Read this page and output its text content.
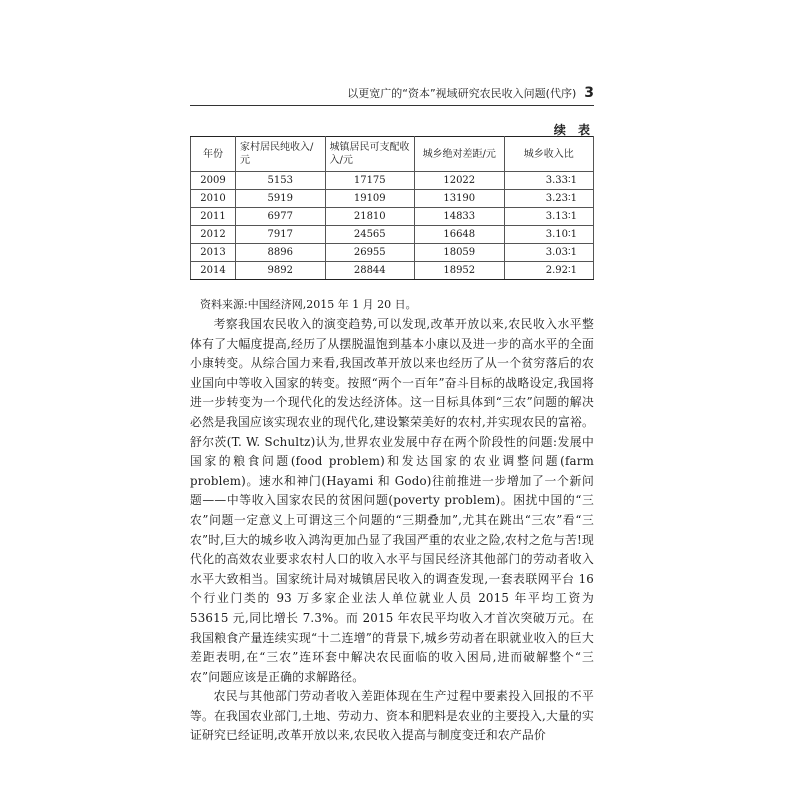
以更宽广的“资本”视域研究农民收入问题(代序) 3
续 表
年份	家村居民纯收入/元	城镇居民可支配收入/元	城乡绝对差距/元	城乡收入比
2009	5153	17175	12022	3.33∶1
2010	5919	19109	13190	3.23∶1
2011	6977	21810	14833	3.13∶1
2012	7917	24565	16648	3.10∶1
2013	8896	26955	18059	3.03∶1
2014	9892	28844	18952	2.92∶1
资料来源:中国经济网,2015 年 1 月 20 日。

考察我国农民收入的演变趋势,可以发现,改革开放以来,农民收入水平整体有了大幅度提高,经历了从摆脱温饱到基本小康以及进一步的高水平的全面小康转变。从综合国力来看,我国改革开放以来也经历了从一个贫穷落后的农业国向中等收入国家的转变。按照“两个一百年”奋斗目标的战略设定,我国将进一步转变为一个现代化的发达经济体。这一目标具体到“三农”问题的解决必然是我国应该实现农业的现代化,建设繁荣美好的农村,并实现农民的富裕。舒尔茨(T. W. Schultz)认为,世界农业发展中存在两个阶段性的问题:发展中国家的粮食问题(food problem)和发达国家的农业调整问题(farm problem)。速水和神门(Hayami 和 Godo)往前推进一步增加了一个新问题——中等收入国家农民的贫困问题(poverty problem)。困扰中国的“三农”问题一定意义上可谓这三个问题的“三期叠加”,尤其在跳出“三农”看“三农”时,巨大的城乡收入鸿沟更加凸显了我国严重的农业之险,农村之危与苦!现代化的高效农业要求农村人口的收入水平与国民经济其他部门的劳动者收入水平大致相当。国家统计局对城镇居民收入的调查发现,一套表联网平台 16 个行业门类的 93 万多家企业法人单位就业人员 2015 年平均工资为 53615 元,同比增长 7.3%。而 2015 年农民平均收入才首次突破万元。在我国粮食产量连续实现“十二连增”的背景下,城乡劳动者在职就业收入的巨大差距表明,在“三农”连环套中解决农民面临的收入困局,进而破解整个“三农”问题应该是正确的求解路径。

农民与其他部门劳动者收入差距体现在生产过程中要素投入回报的不平等。在我国农业部门,土地、劳动力、资本和肥料是农业的主要投入,大量的实证研究已经证明,改革开放以来,农民收入提高与制度变迁和农产品价
